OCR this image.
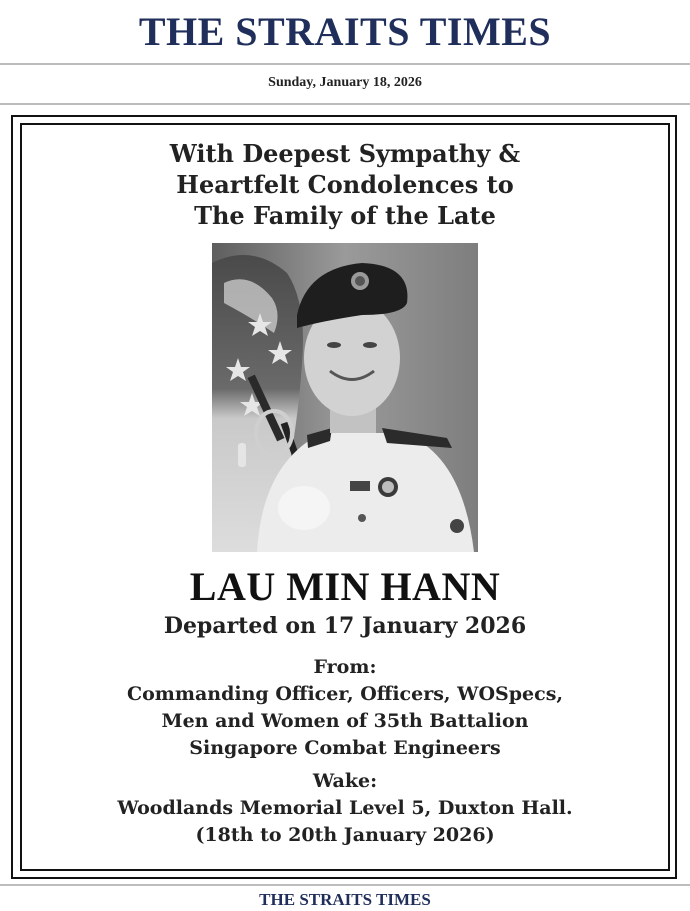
THE STRAITS TIMES
Sunday, January 18, 2026
With Deepest Sympathy &
Heartfelt Condolences to
The Family of the Late
LAU MIN HANN
Departed on 17 January 2026
From:
Commanding Officer, Officers, WOSpecs,
Men and Women of 35th Battalion
Singapore Combat Engineers
Wake:
Woodlands Memorial Level 5, Duxton Hall.
(18th to 20th January 2026)
THE STRAITS TIMES
